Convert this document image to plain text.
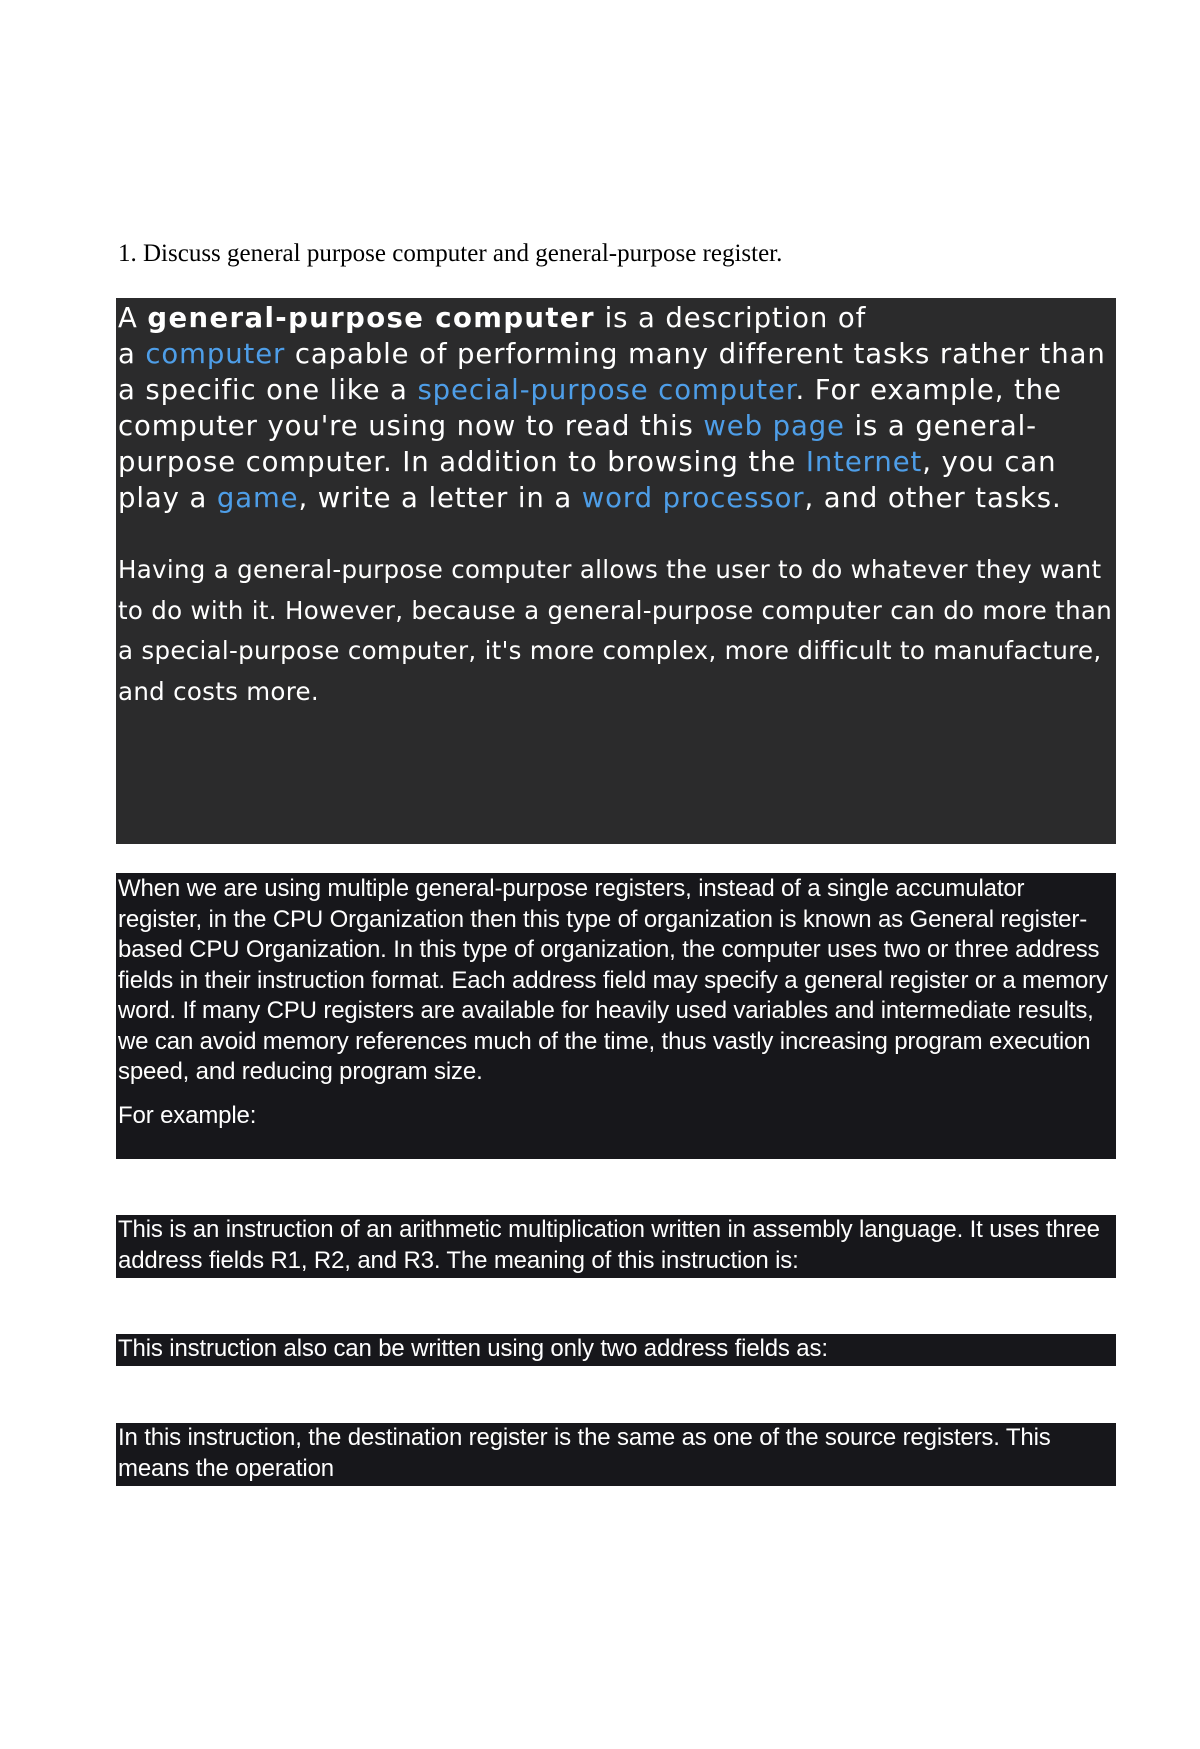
1. Discuss general purpose computer and general-purpose register.

A general-purpose computer is a description of
a computer capable of performing many different tasks rather than a specific one like a special-purpose computer. For example, the computer you're using now to read this web page is a general-purpose computer. In addition to browsing the Internet, you can play a game, write a letter in a word processor, and other tasks.

Having a general-purpose computer allows the user to do whatever they want to do with it. However, because a general-purpose computer can do more than a special-purpose computer, it's more complex, more difficult to manufacture, and costs more.

When we are using multiple general-purpose registers, instead of a single accumulator register, in the CPU Organization then this type of organization is known as General register-based CPU Organization. In this type of organization, the computer uses two or three address fields in their instruction format. Each address field may specify a general register or a memory word. If many CPU registers are available for heavily used variables and intermediate results, we can avoid memory references much of the time, thus vastly increasing program execution speed, and reducing program size.

For example:

This is an instruction of an arithmetic multiplication written in assembly language. It uses three address fields R1, R2, and R3. The meaning of this instruction is:

This instruction also can be written using only two address fields as:

In this instruction, the destination register is the same as one of the source registers. This means the operation
